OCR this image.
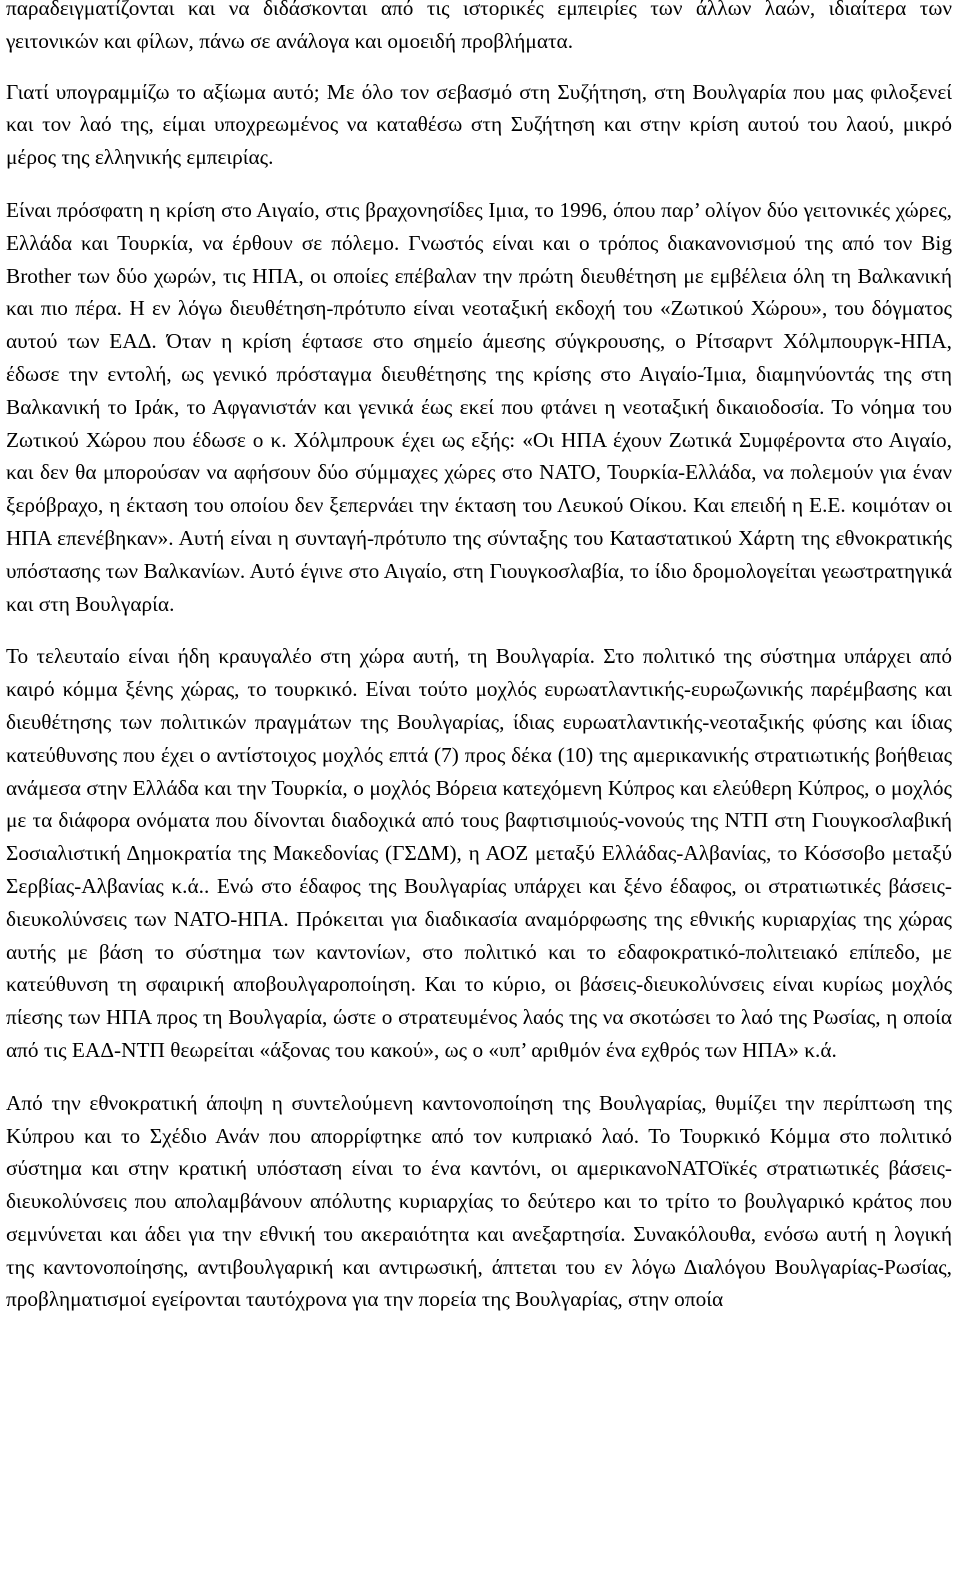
παραδειγματίζονται και να διδάσκονται από τις ιστορικές εμπειρίες των άλλων λαών, ιδιαίτερα των γειτονικών και φίλων, πάνω σε ανάλογα και ομοειδή προβλήματα.

Γιατί υπογραμμίζω το αξίωμα αυτό; Με όλο τον σεβασμό στη Συζήτηση, στη Βουλγαρία που μας φιλοξενεί και τον λαό της, είμαι υποχρεωμένος να καταθέσω στη Συζήτηση και στην κρίση αυτού του λαού, μικρό μέρος της ελληνικής εμπειρίας.

Είναι πρόσφατη η κρίση στο Αιγαίο, στις βραχονησίδες Ιμια, το 1996, όπου παρ’ ολίγον δύο γειτονικές χώρες, Ελλάδα και Τουρκία, να έρθουν σε πόλεμο. Γνωστός είναι και ο τρόπος διακανονισμού της από τον Big Brother των δύο χωρών, τις ΗΠΑ, οι οποίες επέβαλαν την πρώτη διευθέτηση με εμβέλεια όλη τη Βαλκανική και πιο πέρα. Η εν λόγω διευθέτηση-πρότυπο είναι νεοταξική εκδοχή του «Ζωτικού Χώρου», του δόγματος αυτού των ΕΑΔ. Όταν η κρίση έφτασε στο σημείο άμεσης σύγκρουσης, ο Ρίτσαρντ Χόλμπουργκ-ΗΠΑ, έδωσε την εντολή, ως γενικό πρόσταγμα διευθέτησης της κρίσης στο Αιγαίο-Ίμια, διαμηνύοντάς της στη Βαλκανική το Ιράκ, το Αφγανιστάν και γενικά έως εκεί που φτάνει η νεοταξική δικαιοδοσία. Το νόημα του Ζωτικού Χώρου που έδωσε ο κ. Χόλμπρουκ έχει ως εξής: «Οι ΗΠΑ έχουν Ζωτικά Συμφέροντα στο Αιγαίο, και δεν θα μπορούσαν να αφήσουν δύο σύμμαχες χώρες στο ΝΑΤΟ, Τουρκία-Ελλάδα, να πολεμούν για έναν ξερόβραχο, η έκταση του οποίου δεν ξεπερνάει την έκταση του Λευκού Οίκου. Και επειδή η Ε.Ε. κοιμόταν οι ΗΠΑ επενέβηκαν». Αυτή είναι η συνταγή-πρότυπο της σύνταξης του Καταστατικού Χάρτη της εθνοκρατικής υπόστασης των Βαλκανίων. Αυτό έγινε στο Αιγαίο, στη Γιουγκοσλαβία, το ίδιο δρομολογείται γεωστρατηγικά και στη Βουλγαρία.

Το τελευταίο είναι ήδη κραυγαλέο στη χώρα αυτή, τη Βουλγαρία. Στο πολιτικό της σύστημα υπάρχει από καιρό κόμμα ξένης χώρας, το τουρκικό. Είναι τούτο μοχλός ευρωατλαντικής-ευρωζωνικής παρέμβασης και διευθέτησης των πολιτικών πραγμάτων της Βουλγαρίας, ίδιας ευρωατλαντικής-νεοταξικής φύσης και ίδιας κατεύθυνσης που έχει ο αντίστοιχος μοχλός επτά (7) προς δέκα (10) της αμερικανικής στρατιωτικής βοήθειας ανάμεσα στην Ελλάδα και την Τουρκία, ο μοχλός Βόρεια κατεχόμενη Κύπρος και ελεύθερη Κύπρος, ο μοχλός με τα διάφορα ονόματα που δίνονται διαδοχικά από τους βαφτισιμιούς-νονούς της ΝΤΠ στη Γιουγκοσλαβική Σοσιαλιστική Δημοκρατία της Μακεδονίας (ΓΣΔΜ), η ΑΟΖ μεταξύ Ελλάδας-Αλβανίας, το Κόσσοβο μεταξύ Σερβίας-Αλβανίας κ.ά.. Ενώ στο έδαφος της Βουλγαρίας υπάρχει και ξένο έδαφος, οι στρατιωτικές βάσεις-διευκολύνσεις των ΝΑΤΟ-ΗΠΑ. Πρόκειται για διαδικασία αναμόρφωσης της εθνικής κυριαρχίας της χώρας αυτής με βάση το σύστημα των καντονίων, στο πολιτικό και το εδαφοκρατικό-πολιτειακό επίπεδο, με κατεύθυνση τη σφαιρική αποβουλγαροποίηση. Και το κύριο, οι βάσεις-διευκολύνσεις είναι κυρίως μοχλός πίεσης των ΗΠΑ προς τη Βουλγαρία, ώστε ο στρατευμένος λαός της να σκοτώσει το λαό της Ρωσίας, η οποία από τις ΕΑΔ-ΝΤΠ θεωρείται «άξονας του κακού», ως ο «υπ’ αριθμόν ένα εχθρός των ΗΠΑ» κ.ά.

Από την εθνοκρατική άποψη η συντελούμενη καντονοποίηση της Βουλγαρίας, θυμίζει την περίπτωση της Κύπρου και το Σχέδιο Ανάν που απορρίφτηκε από τον κυπριακό λαό. Το Τουρκικό Κόμμα στο πολιτικό σύστημα και στην κρατική υπόσταση είναι το ένα καντόνι, οι αμερικανοΝΑΤΟϊκές στρατιωτικές βάσεις-διευκολύνσεις που απολαμβάνουν απόλυτης κυριαρχίας το δεύτερο και το τρίτο το βουλγαρικό κράτος που σεμνύνεται και άδει για την εθνική του ακεραιότητα και ανεξαρτησία. Συνακόλουθα, ενόσω αυτή η λογική της καντονοποίησης, αντιβουλγαρική και αντιρωσική, άπτεται του εν λόγω Διαλόγου Βουλγαρίας-Ρωσίας, προβληματισμοί εγείρονται ταυτόχρονα για την πορεία της Βουλγαρίας, στην οποία
